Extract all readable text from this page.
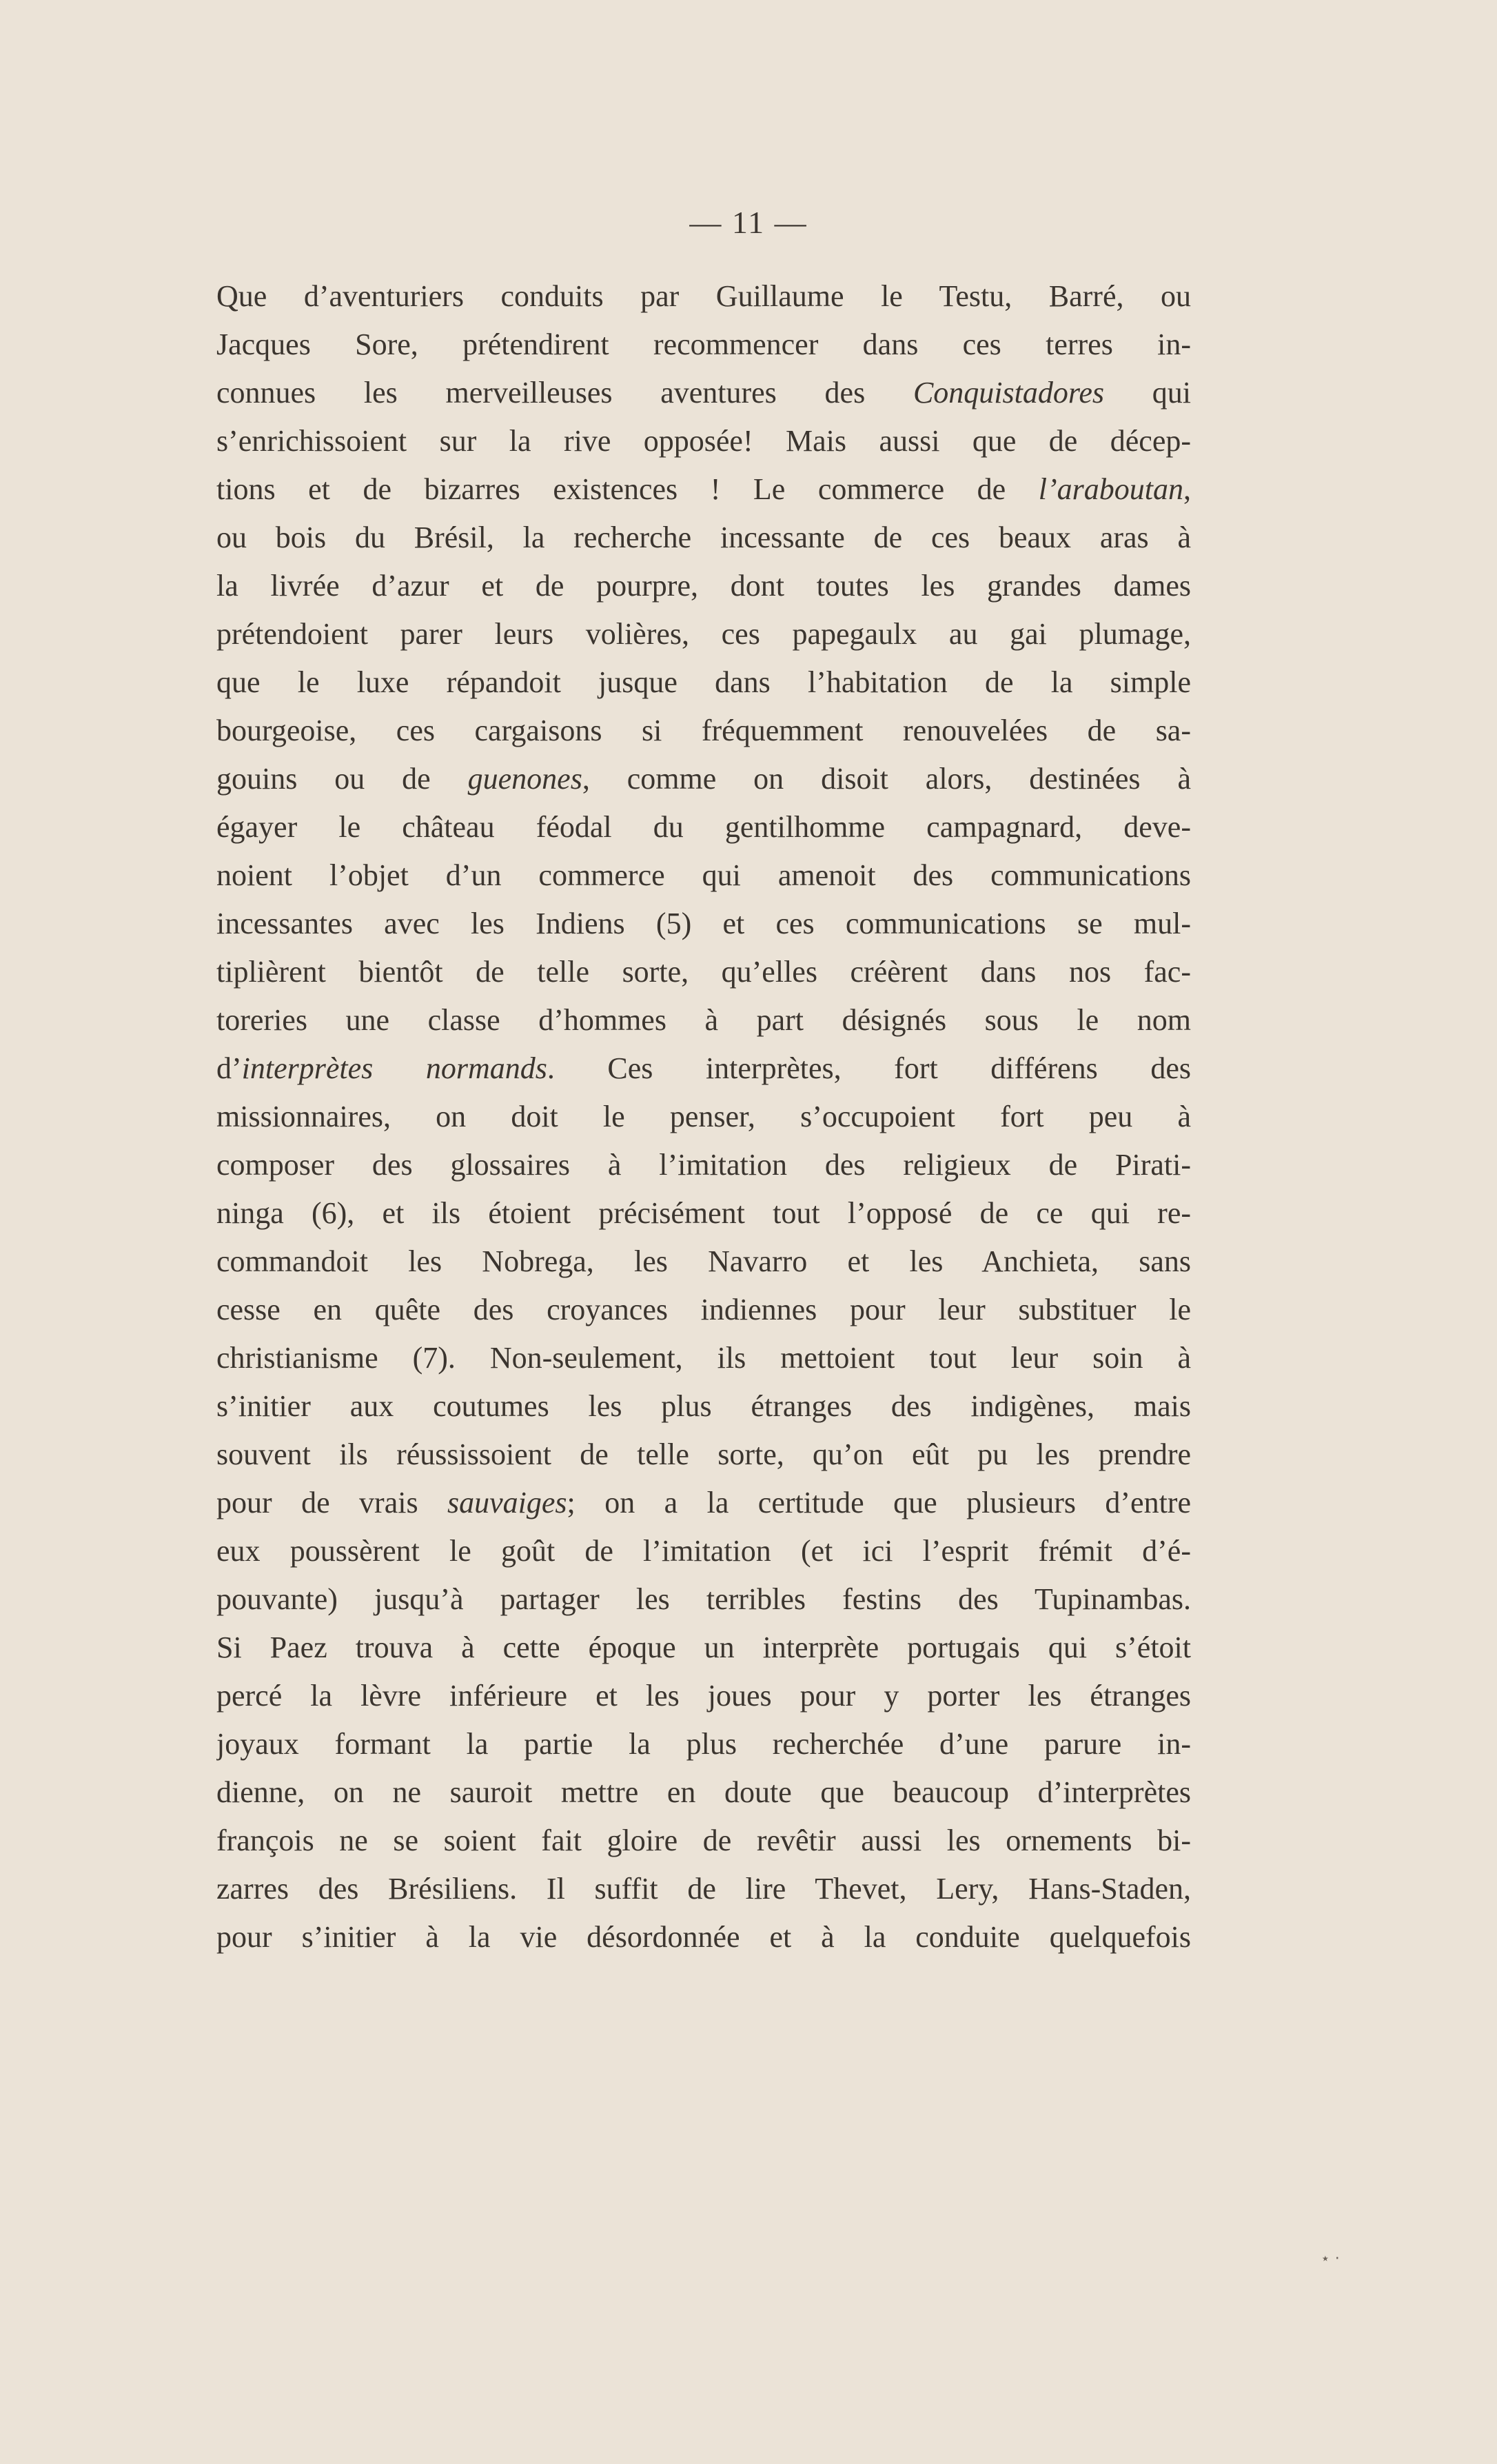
— 11 —
Que d’aventuriers conduits par Guillaume le Testu, Barré, ou
Jacques Sore, prétendirent recommencer dans ces terres in-
connues les merveilleuses aventures des Conquistadores qui
s’enrichissoient sur la rive opposée! Mais aussi que de décep-
tions et de bizarres existences ! Le commerce de l’araboutan,
ou bois du Brésil, la recherche incessante de ces beaux aras à
la livrée d’azur et de pourpre, dont toutes les grandes dames
prétendoient parer leurs volières, ces papegaulx au gai plumage,
que le luxe répandoit jusque dans l’habitation de la simple
bourgeoise, ces cargaisons si fréquemment renouvelées de sa-
gouins ou de guenones, comme on disoit alors, destinées à
égayer le château féodal du gentilhomme campagnard, deve-
noient l’objet d’un commerce qui amenoit des communications
incessantes avec les Indiens (5) et ces communications se mul-
tiplièrent bientôt de telle sorte, qu’elles créèrent dans nos fac-
toreries une classe d’hommes à part désignés sous le nom
d’interprètes normands. Ces interprètes, fort différens des
missionnaires, on doit le penser, s’occupoient fort peu à
composer des glossaires à l’imitation des religieux de Pirati-
ninga (6), et ils étoient précisément tout l’opposé de ce qui re-
commandoit les Nobrega, les Navarro et les Anchieta, sans
cesse en quête des croyances indiennes pour leur substituer le
christianisme (7). Non-seulement, ils mettoient tout leur soin à
s’initier aux coutumes les plus étranges des indigènes, mais
souvent ils réussissoient de telle sorte, qu’on eût pu les prendre
pour de vrais sauvaiges; on a la certitude que plusieurs d’entre
eux poussèrent le goût de l’imitation (et ici l’esprit frémit d’é-
pouvante) jusqu’à partager les terribles festins des Tupinambas.
Si Paez trouva à cette époque un interprète portugais qui s’étoit
percé la lèvre inférieure et les joues pour y porter les étranges
joyaux formant la partie la plus recherchée d’une parure in-
dienne, on ne sauroit mettre en doute que beaucoup d’interprètes
françois ne se soient fait gloire de revêtir aussi les ornements bi-
zarres des Brésiliens. Il suffit de lire Thevet, Lery, Hans-Staden,
pour s’initier à la vie désordonnée et à la conduite quelquefois
⋆ ·
